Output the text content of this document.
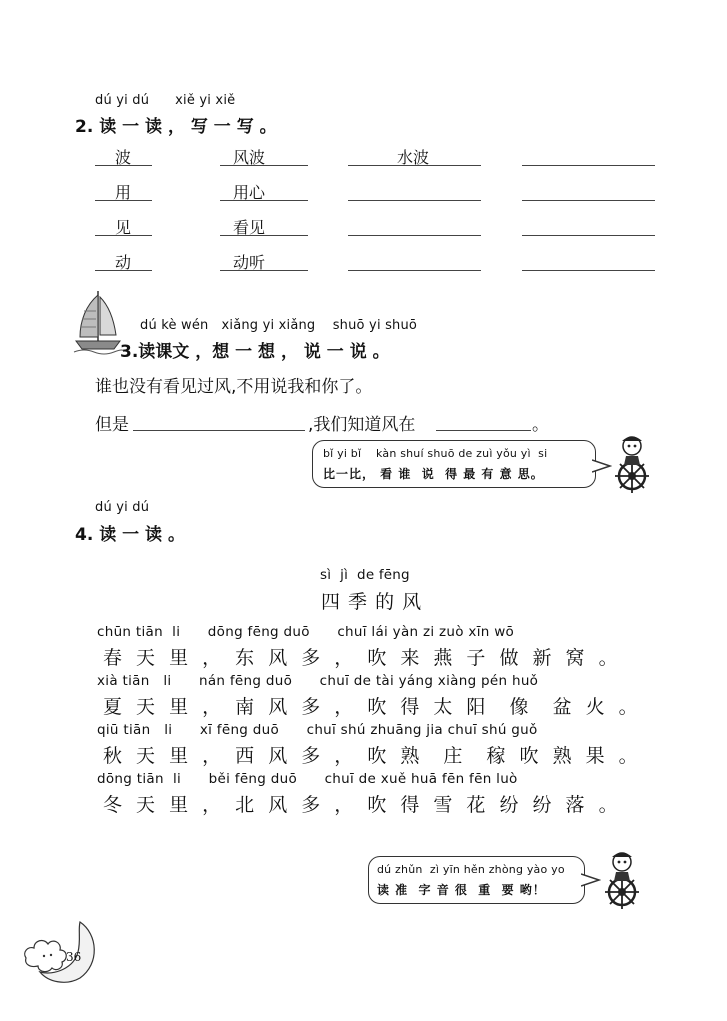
dú yi dú      xiě yi xiě
2. 读 一 读 ， 写 一 写 。
波	风波	水波
用	用心
见	看见
动	动听
dú kè wén   xiǎng yi xiǎng    shuō yi shuō
3.读课文 ，想 一 想 ， 说 一 说 。
谁也没有看见过风,不用说我和你了。
但是	,我们知道风在	。
bǐ yi bǐ    kàn shuí shuō de zuì yǒu yì  si
比一比， 看 谁  说  得 最 有 意 思。
dú yi dú
4. 读 一 读 。
sì  jì  de fēng
四 季 的 风
chūn tiān  li      dōng fēng duō      chuī lái yàn zi zuò xīn wō
春 天 里 ， 东 风 多 ， 吹 来 燕 子 做 新 窝 。
xià tiān   li      nán fēng duō      chuī de tài yáng xiàng pén huǒ
夏 天 里 ， 南 风 多 ， 吹 得 太 阳  像  盆 火 。
qiū tiān   li      xī fēng duō      chuī shú zhuāng jia chuī shú guǒ
秋 天 里 ， 西 风 多 ， 吹 熟  庄  稼 吹 熟 果 。
dōng tiān  li      běi fēng duō      chuī de xuě huā fēn fēn luò
冬 天 里 ， 北 风 多 ， 吹 得 雪 花 纷 纷 落 。
dú zhǔn  zì yīn hěn zhòng yào yo
读 准  字 音 很  重  要 哟！
36
